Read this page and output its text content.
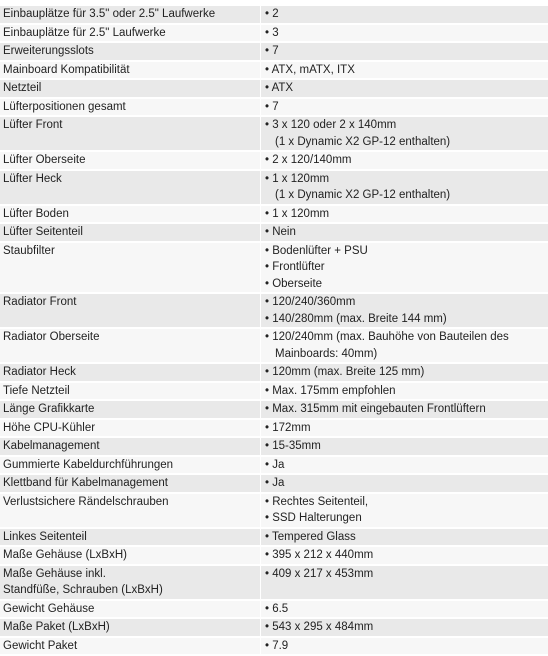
Einbauplätze für 3.5" oder 2.5" Laufwerke	• 2

Einbauplätze für 2.5" Laufwerke	• 3

Erweiterungsslots	• 7

Mainboard Kompatibilität	• ATX, mATX, ITX

Netzteil	• ATX

Lüfterpositionen gesamt	• 7

Lüfter Front	• 3 x 120 oder 2 x 140mm
(1 x Dynamic X2 GP-12 enthalten)

Lüfter Oberseite	• 2 x 120/140mm

Lüfter Heck	• 1 x 120mm
(1 x Dynamic X2 GP-12 enthalten)

Lüfter Boden	• 1 x 120mm

Lüfter Seitenteil	• Nein

Staubfilter	• Bodenlüfter + PSU
• Frontlüfter
• Oberseite

Radiator Front	• 120/240/360mm
• 140/280mm (max. Breite 144 mm)

Radiator Oberseite	• 120/240mm (max. Bauhöhe von Bauteilen des
Mainboards: 40mm)

Radiator Heck	• 120mm (max. Breite 125 mm)

Tiefe Netzteil	• Max. 175mm empfohlen

Länge Grafikkarte	• Max. 315mm mit eingebauten Frontlüftern

Höhe CPU-Kühler	• 172mm

Kabelmanagement	• 15-35mm

Gummierte Kabeldurchführungen	• Ja

Klettband für Kabelmanagement	• Ja

Verlustsichere Rändelschrauben	• Rechtes Seitenteil,
• SSD Halterungen

Linkes Seitenteil	• Tempered Glass

Maße Gehäuse (LxBxH)	• 395 x 212 x 440mm

Maße Gehäuse inkl.
Standfüße, Schrauben (LxBxH)	• 409 x 217 x 453mm

Gewicht Gehäuse	• 6.5

Maße Paket (LxBxH)	• 543 x 295 x 484mm

Gewicht Paket	• 7.9
